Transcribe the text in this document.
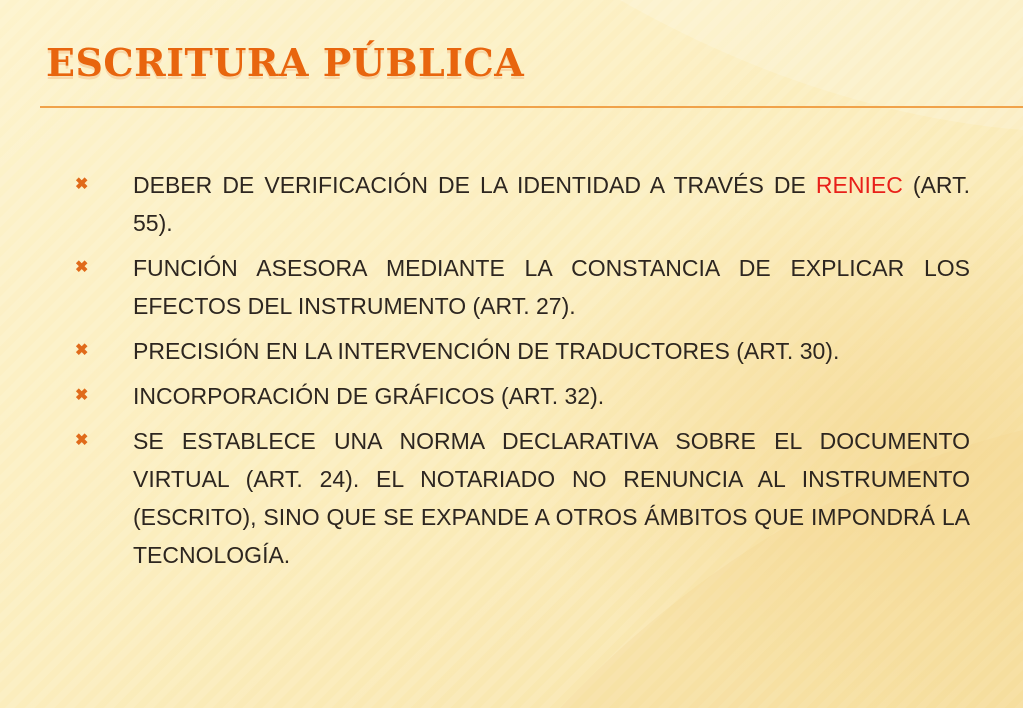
ESCRITURA PÚBLICA
✖ DEBER DE VERIFICACIÓN DE LA IDENTIDAD A TRAVÉS DE RENIEC (ART. 55).
✖ FUNCIÓN ASESORA MEDIANTE LA CONSTANCIA DE EXPLICAR LOS EFECTOS DEL INSTRUMENTO (ART. 27).
✖ PRECISIÓN EN LA INTERVENCIÓN DE TRADUCTORES (ART. 30).
✖ INCORPORACIÓN DE GRÁFICOS (ART. 32).
✖ SE ESTABLECE UNA NORMA DECLARATIVA SOBRE EL DOCUMENTO VIRTUAL (ART. 24). EL NOTARIADO NO RENUNCIA AL INSTRUMENTO (ESCRITO), SINO QUE SE EXPANDE A OTROS ÁMBITOS QUE IMPONDRÁ LA TECNOLOGÍA.
